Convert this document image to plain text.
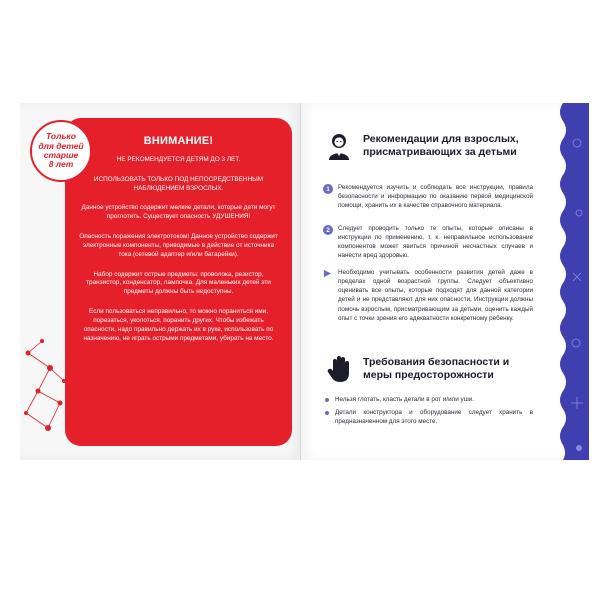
Только
для детей
старше
8 лет
ВНИМАНИЕ!

НЕ РЕКОМЕНДУЕТСЯ ДЕТЯМ ДО 3 ЛЕТ.

ИСПОЛЬЗОВАТЬ ТОЛЬКО ПОД НЕПОСРЕДСТВЕННЫМ НАБЛЮДЕНИЕМ ВЗРОСЛЫХ.

Данное устройство содержит мелкие детали, которые дети могут проглотить. Существует опасность УДУШЕНИЯ!

Опасность поражения электротоком! Данное устройство содержит электронные компоненты, приводимые в действие от источника тока (сетевой адаптер и/или батарейки).

Набор содержит острые предметы: проволока, резистор, транзистор, конденсатор, лампочка. Для маленьких детей эти предметы должны быть недоступны.

Если пользоваться неправильно, то можно пораниться ими, порезаться, уколоться, поранить других. Чтобы избежать опасности, надо правильно держать их в руке, использовать по назначению, не играть острыми предметами, убирать на место.

Рекомендации для взрослых, присматривающих за детьми
1	Рекомендуется изучить и соблюдать все инструкции, правила безопасности и информацию по оказанию первой медицинской помощи, хранить их в качестве справочного материала.
2	Следует проводить только те опыты, которые описаны в инструкции по применению, т. к. неправильное использование компонентов может явиться причиной несчастных случаев и нанести вред здоровью.
Необходимо учитывать особенности развития детей даже в пределах одной возрастной группы. Следует объективно оценивать все опыты, которые подходят для данной категории детей и не представляют для них опасности. Инструкции должны помочь взрослым, присматривающим за детьми, оценить каждый опыт с точки зрения его адекватности конкретному ребенку.
Требования безопасности и меры предосторожности
Нельзя глотать, класть детали в рот и/или уши.
Детали конструктора и оборудование следует хранить в предназначенном для этого месте.
